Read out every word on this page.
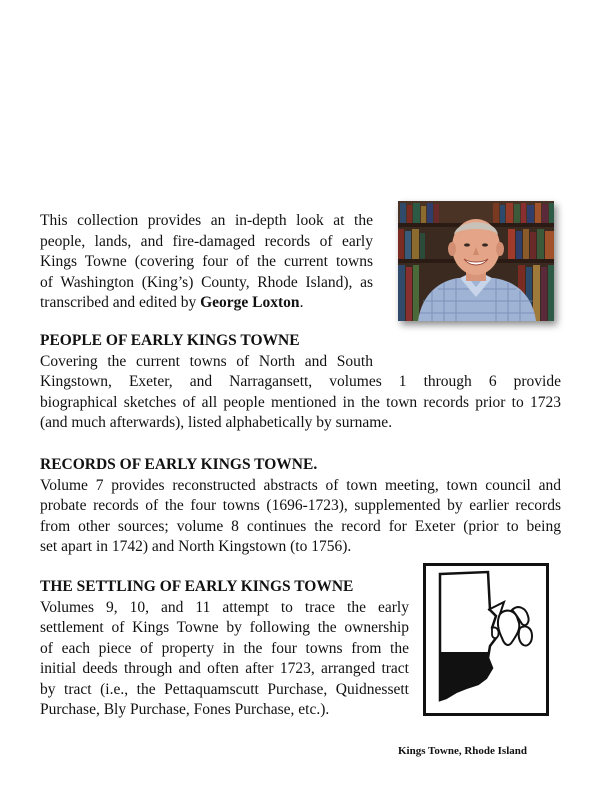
This collection provides an in-depth look at the
people, lands, and fire-damaged records of early
Kings Towne (covering four of the current towns
of Washington (King’s) County, Rhode Island), as
transcribed and edited by George Loxton.
PEOPLE OF EARLY KINGS TOWNE
Covering the current towns of North and South
Kingstown, Exeter, and Narragansett, volumes 1 through 6 provide
biographical sketches of all people mentioned in the town records prior to 1723
(and much afterwards), listed alphabetically by surname.
RECORDS OF EARLY KINGS TOWNE.
Volume 7 provides reconstructed abstracts of town meeting, town council and
probate records of the four towns (1696-1723), supplemented by earlier records
from other sources; volume 8 continues the record for Exeter (prior to being
set apart in 1742) and North Kingstown (to 1756).
THE SETTLING OF EARLY KINGS TOWNE
Volumes 9, 10, and 11 attempt to trace the early
settlement of Kings Towne by following the ownership
of each piece of property in the four towns from the
initial deeds through and often after 1723, arranged tract
by tract (i.e., the Pettaquamscutt Purchase, Quidnessett
Purchase, Bly Purchase, Fones Purchase, etc.).
Kings Towne, Rhode Island
